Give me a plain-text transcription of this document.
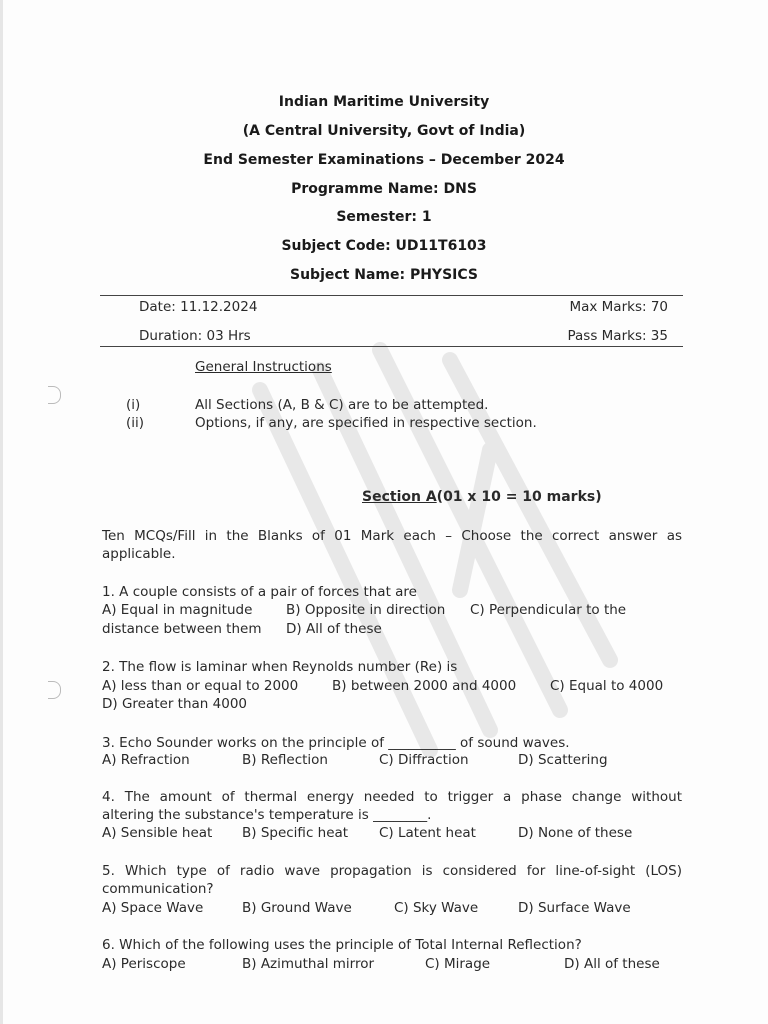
Indian Maritime University
(A Central University, Govt of India)
End Semester Examinations – December 2024
Programme Name: DNS
Semester: 1
Subject Code: UD11T6103
Subject Name: PHYSICS
Date: 11.12.2024	Max Marks: 70
Duration: 03 Hrs	Pass Marks: 35
General Instructions
(i)	All Sections (A, B & C) are to be attempted.
(ii)	Options, if any, are specified in respective section.
Section A(01 x 10 = 10 marks)
Ten MCQs/Fill in the Blanks of 01 Mark each – Choose the correct answer as
applicable.
1. A couple consists of a pair of forces that are
A) Equal in magnitude B) Opposite in direction C) Perpendicular to the
distance between them D) All of these
2. The flow is laminar when Reynolds number (Re) is
A) less than or equal to 2000	B) between 2000 and 4000	C) Equal to 4000
D) Greater than 4000
3. Echo Sounder works on the principle of __________ of sound waves.
A) Refraction	B) Reflection	C) Diffraction	D) Scattering
4. The amount of thermal energy needed to trigger a phase change without
altering the substance's temperature is ________.
A) Sensible heat B) Specific heat C) Latent heat	D) None of these
5. Which type of radio wave propagation is considered for line-of-sight (LOS)
communication?
A) Space Wave	B) Ground Wave	C) Sky Wave	D) Surface Wave
6. Which of the following uses the principle of Total Internal Reflection?
A) Periscope	B) Azimuthal mirror	C) Mirage	D) All of these
